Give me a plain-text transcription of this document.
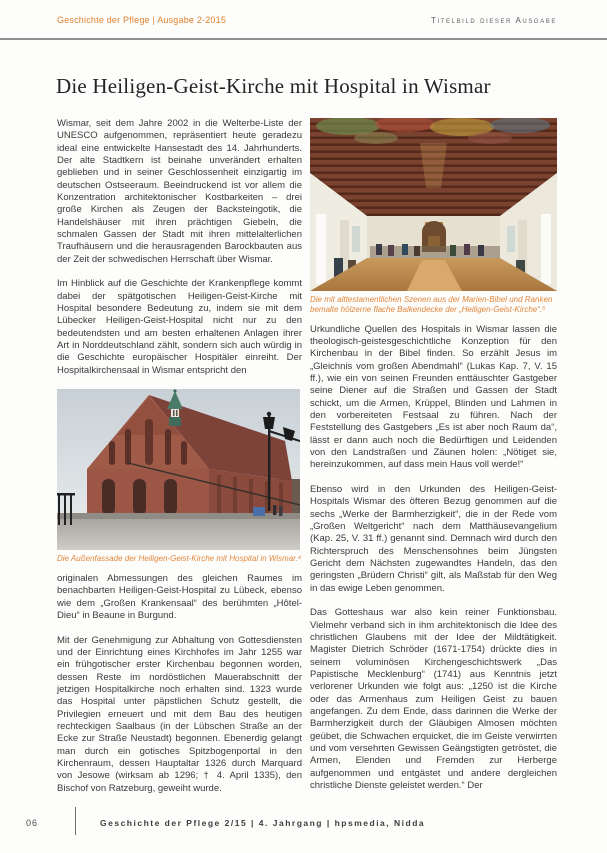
Geschichte der Pflege | Ausgabe 2-2015	Titelbild dieser Ausgabe
Die Heiligen-Geist-Kirche mit Hospital in Wismar

Wismar, seit dem Jahre 2002 in die Welterbe-Liste der UNESCO aufgenommen, repräsentiert heute geradezu ideal eine entwickelte Hansestadt des 14. Jahrhunderts. Der alte Stadtkern ist beinahe unverändert erhalten geblieben und in seiner Geschlossenheit einzigartig im deutschen Ostseeraum. Beeindruckend ist vor allem die Konzentration architektonischer Kostbarkeiten – drei große Kirchen als Zeugen der Backsteingotik, die Handelshäuser mit ihren prächtigen Giebeln, die schmalen Gassen der Stadt mit ihren mittelalterlichen Traufhäusern und die herausragenden Barockbauten aus der Zeit der schwedischen Herrschaft über Wismar.

Im Hinblick auf die Geschichte der Krankenpflege kommt dabei der spätgotischen Heiligen-Geist-Kirche mit Hospital besondere Bedeutung zu, indem sie mit dem Lübecker Heiligen-Geist-Hospital nicht nur zu den bedeutendsten und am besten erhaltenen Anlagen ihrer Art in Norddeutschland zählt, sondern sich auch würdig in die Geschichte europäischer Hospitäler einreiht. Der Hospitalkirchensaal in Wismar entspricht den

Die Außenfassade der Heiligen-Geist-Kirche mit Hospital in Wismar.⁴

originalen Abmessungen des gleichen Raumes im benachbarten Heiligen-Geist-Hospital zu Lübeck, ebenso wie dem „Großen Krankensaal“ des berühmten „Hôtel-Dieu“ in Beaune in Burgund.

Mit der Genehmigung zur Abhaltung von Gottesdiensten und der Einrichtung eines Kirchhofes im Jahr 1255 war ein frühgotischer erster Kirchenbau begonnen worden, dessen Reste im nordöstlichen Mauerabschnitt der jetzigen Hospitalkirche noch erhalten sind. 1323 wurde das Hospital unter päpstlichen Schutz gestellt, die Privilegien erneuert und mit dem Bau des heutigen rechteckigen Saalbaus (in der Lübschen Straße an der Ecke zur Straße Neustadt) begonnen. Ebenerdig gelangt man durch ein gotisches Spitzbogenportal in den Kirchenraum, dessen Hauptaltar 1326 durch Marquard von Jesowe (wirksam ab 1296; † 4. April 1335), den Bischof von Ratzeburg, geweiht wurde.

Die mit alttestamentlichen Szenen aus der Marien-Bibel und Ranken bemalte hölzerne flache Balkendecke der „Heiligen-Geist-Kirche“.⁵

Urkundliche Quellen des Hospitals in Wismar lassen die theologisch-geistesgeschichtliche Konzeption für den Kirchenbau in der Bibel finden. So erzählt Jesus im „Gleichnis vom großen Abendmahl“ (Lukas Kap. 7, V. 15 ff.), wie ein von seinen Freunden enttäuschter Gastgeber seine Diener auf die Straßen und Gassen der Stadt schickt, um die Armen, Krüppel, Blinden und Lahmen in den vorbereiteten Festsaal zu führen. Nach der Feststellung des Gastgebers „Es ist aber noch Raum da“, lässt er dann auch noch die Bedürftigen und Leidenden von den Landstraßen und Zäunen holen: „Nötiget sie, hereinzukommen, auf dass mein Haus voll werde!“

Ebenso wird in den Urkunden des Heiligen-Geist-Hospitals Wismar des öfteren Bezug genommen auf die sechs „Werke der Barmherzigkeit“, die in der Rede vom „Großen Weltgericht“ nach dem Matthäusevangelium (Kap. 25, V. 31 ff.) genannt sind. Demnach wird durch den Richterspruch des Menschensohnes beim Jüngsten Gericht dem Nächsten zugewandtes Handeln, das den geringsten „Brüdern Christi“ gilt, als Maßstab für den Weg in das ewige Leben genommen.

Das Gotteshaus war also kein reiner Funktionsbau. Vielmehr verband sich in ihm architektonisch die Idee des christlichen Glaubens mit der Idee der Mildtätigkeit. Magister Dietrich Schröder (1671-1754) drückte dies in seinem voluminösen Kirchengeschichtswerk „Das Papistische Mecklenburg“ (1741) aus Kenntnis jetzt verlorener Urkunden wie folgt aus: „1250 ist die Kirche oder das Armenhaus zum Heiligen Geist zu bauen angefangen. Zu dem Ende, dass darinnen die Werke der Barmherzigkeit durch der Gläubigen Almosen möchten geübet, die Schwachen erquicket, die im Geiste verwirrten und vom versehrten Gewissen Geängstigten getröstet, die Armen, Elenden und Fremden zur Herberge aufgenommen und entgästet und andere dergleichen christliche Dienste geleistet werden.“ Der

06	Geschichte der Pflege 2/15 | 4. Jahrgang | hpsmedia, Nidda
